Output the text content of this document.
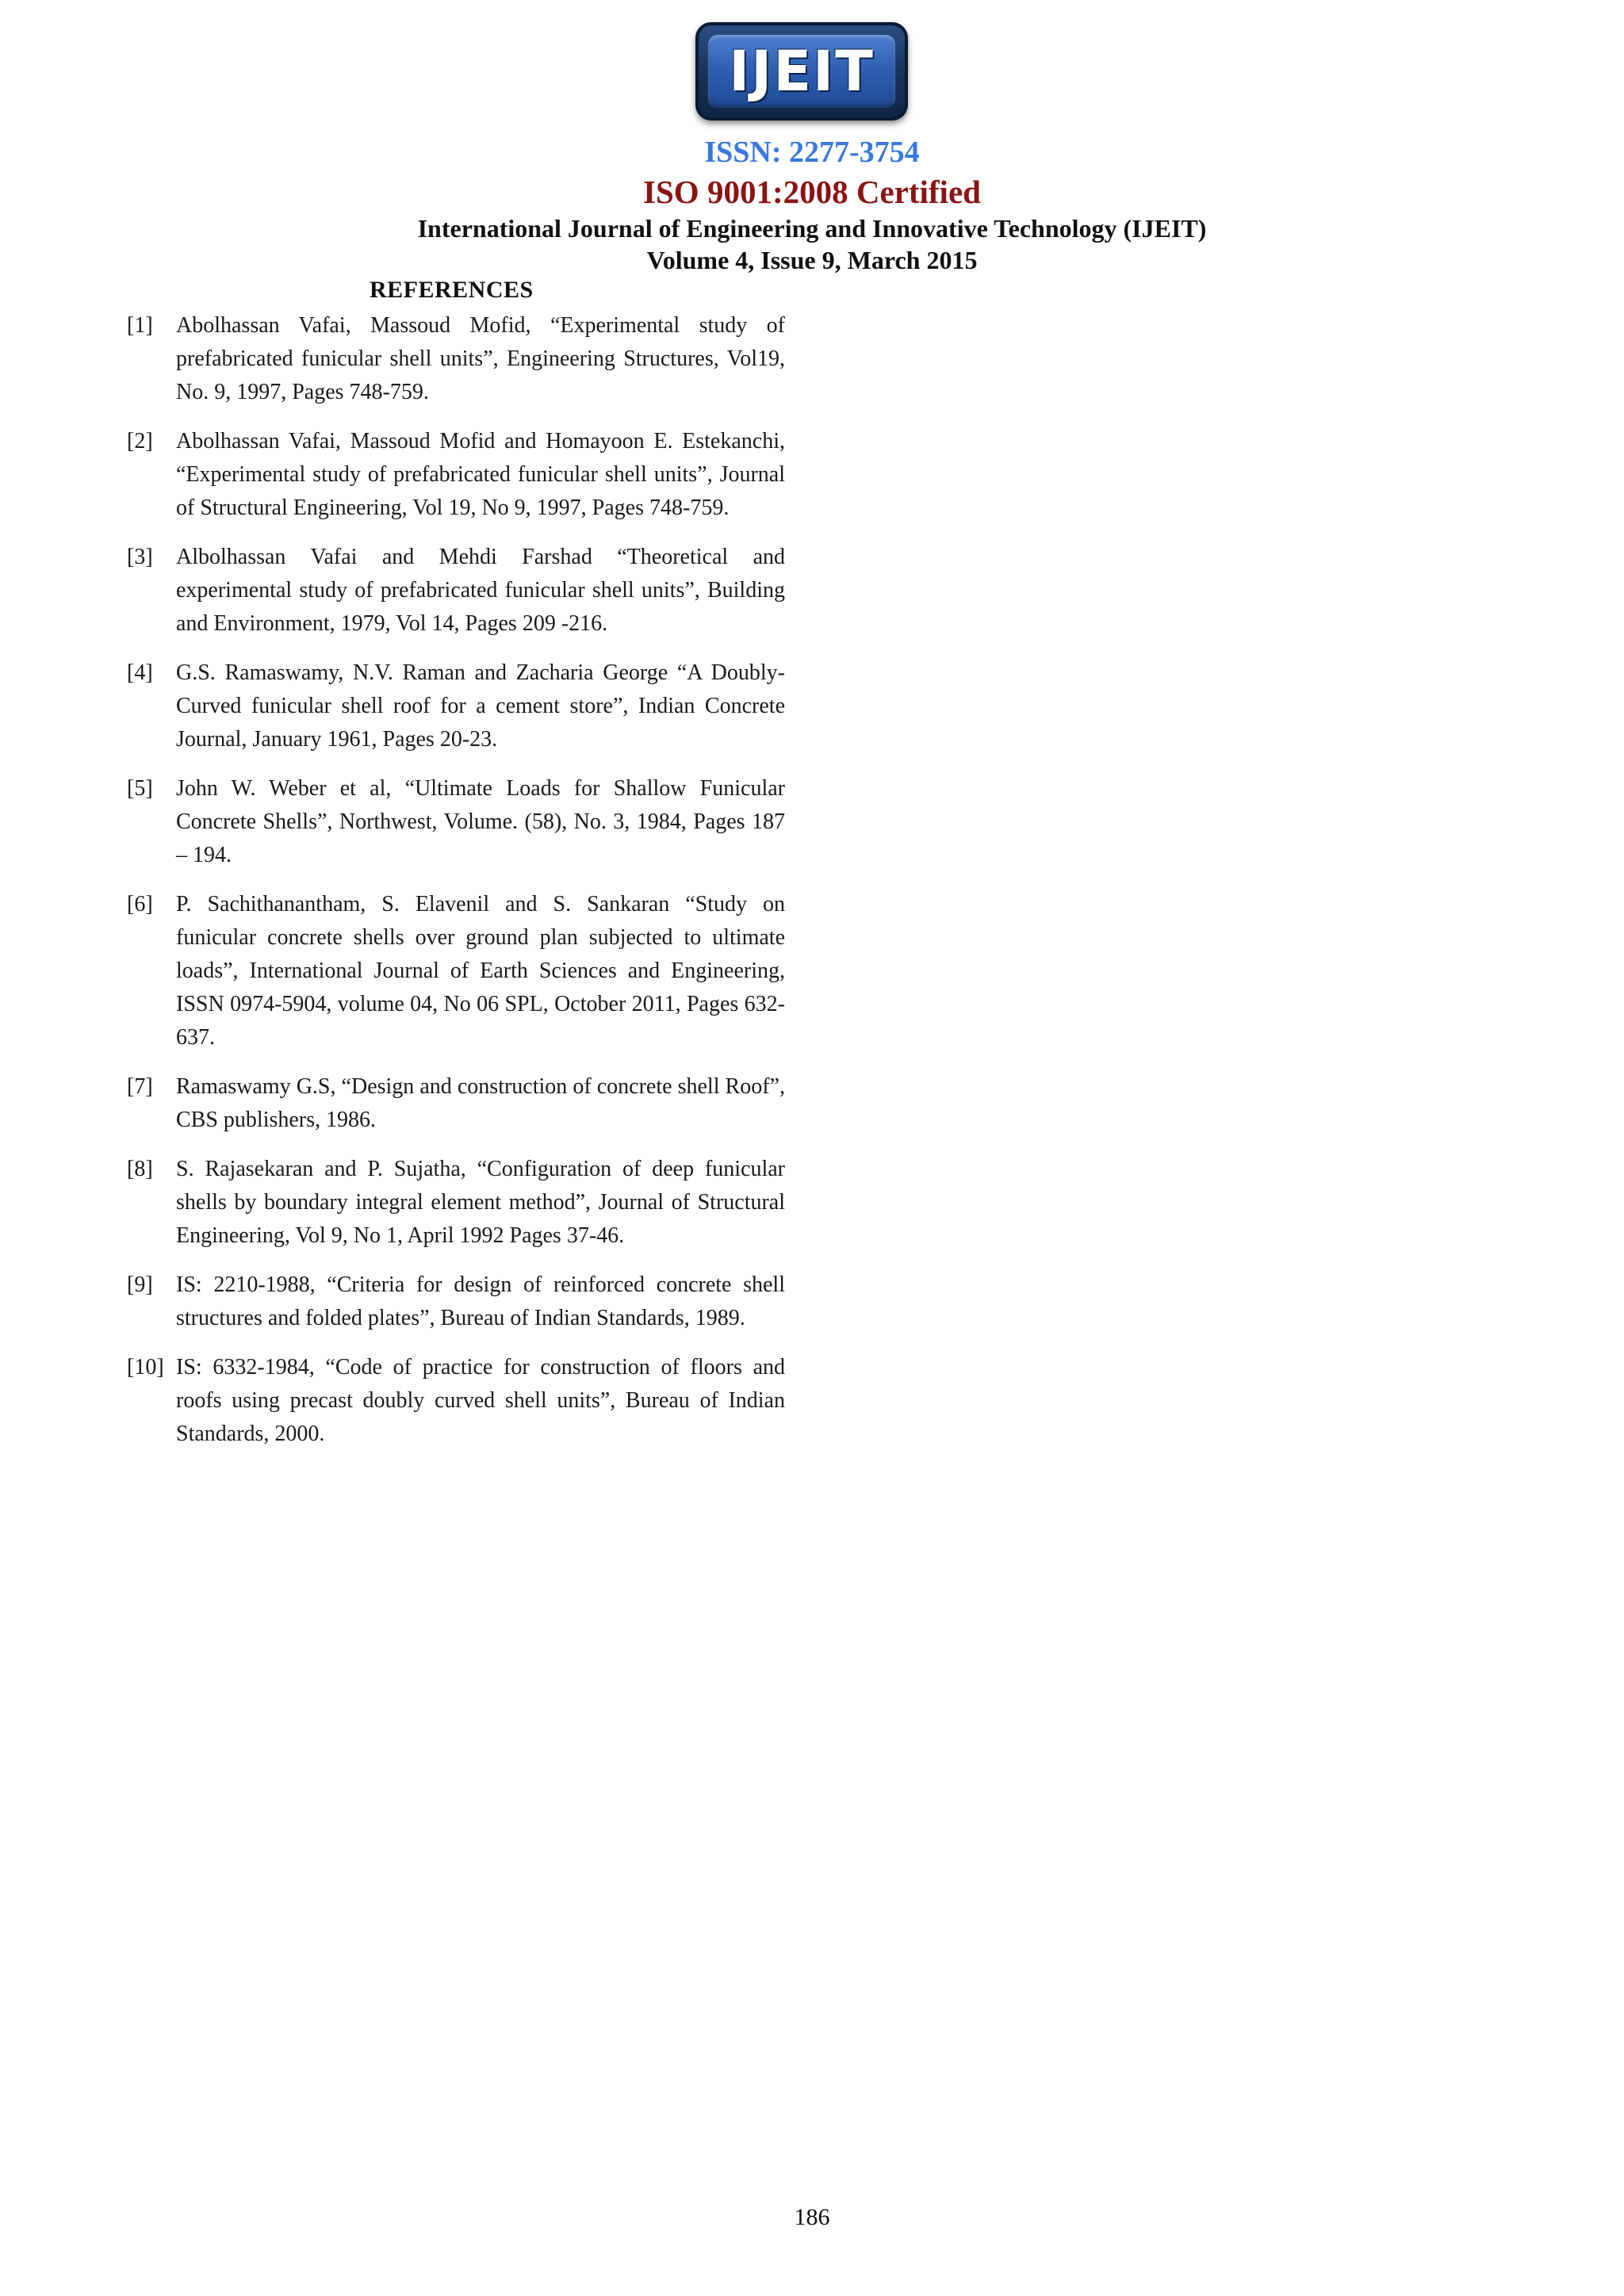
IJEIT
ISSN: 2277-3754
ISO 9001:2008 Certified
International Journal of Engineering and Innovative Technology (IJEIT)
Volume 4, Issue 9, March 2015
REFERENCES
[1] Abolhassan Vafai, Massoud Mofid, “Experimental study of prefabricated funicular shell units”, Engineering Structures, Vol19, No. 9, 1997, Pages 748-759.
[2] Abolhassan Vafai, Massoud Mofid and Homayoon E. Estekanchi, “Experimental study of prefabricated funicular shell units”, Journal of Structural Engineering, Vol 19, No 9, 1997, Pages 748-759.
[3] Albolhassan Vafai and Mehdi Farshad “Theoretical and experimental study of prefabricated funicular shell units”, Building and Environment, 1979, Vol 14, Pages 209 -216.
[4] G.S. Ramaswamy, N.V. Raman and Zacharia George “A Doubly-Curved funicular shell roof for a cement store”, Indian Concrete Journal, January 1961, Pages 20-23.
[5] John W. Weber et al, “Ultimate Loads for Shallow Funicular Concrete Shells”, Northwest, Volume. (58), No. 3, 1984, Pages 187 – 194.
[6] P. Sachithanantham, S. Elavenil and S. Sankaran “Study on funicular concrete shells over ground plan subjected to ultimate loads”, International Journal of Earth Sciences and Engineering, ISSN 0974-5904, volume 04, No 06 SPL, October 2011, Pages 632-637.
[7] Ramaswamy G.S, “Design and construction of concrete shell Roof”, CBS publishers, 1986.
[8] S. Rajasekaran and P. Sujatha, “Configuration of deep funicular shells by boundary integral element method”, Journal of Structural Engineering, Vol 9, No 1, April 1992 Pages 37-46.
[9] IS: 2210-1988, “Criteria for design of reinforced concrete shell structures and folded plates”, Bureau of Indian Standards, 1989.
[10] IS: 6332-1984, “Code of practice for construction of floors and roofs using precast doubly curved shell units”, Bureau of Indian Standards, 2000.
186
